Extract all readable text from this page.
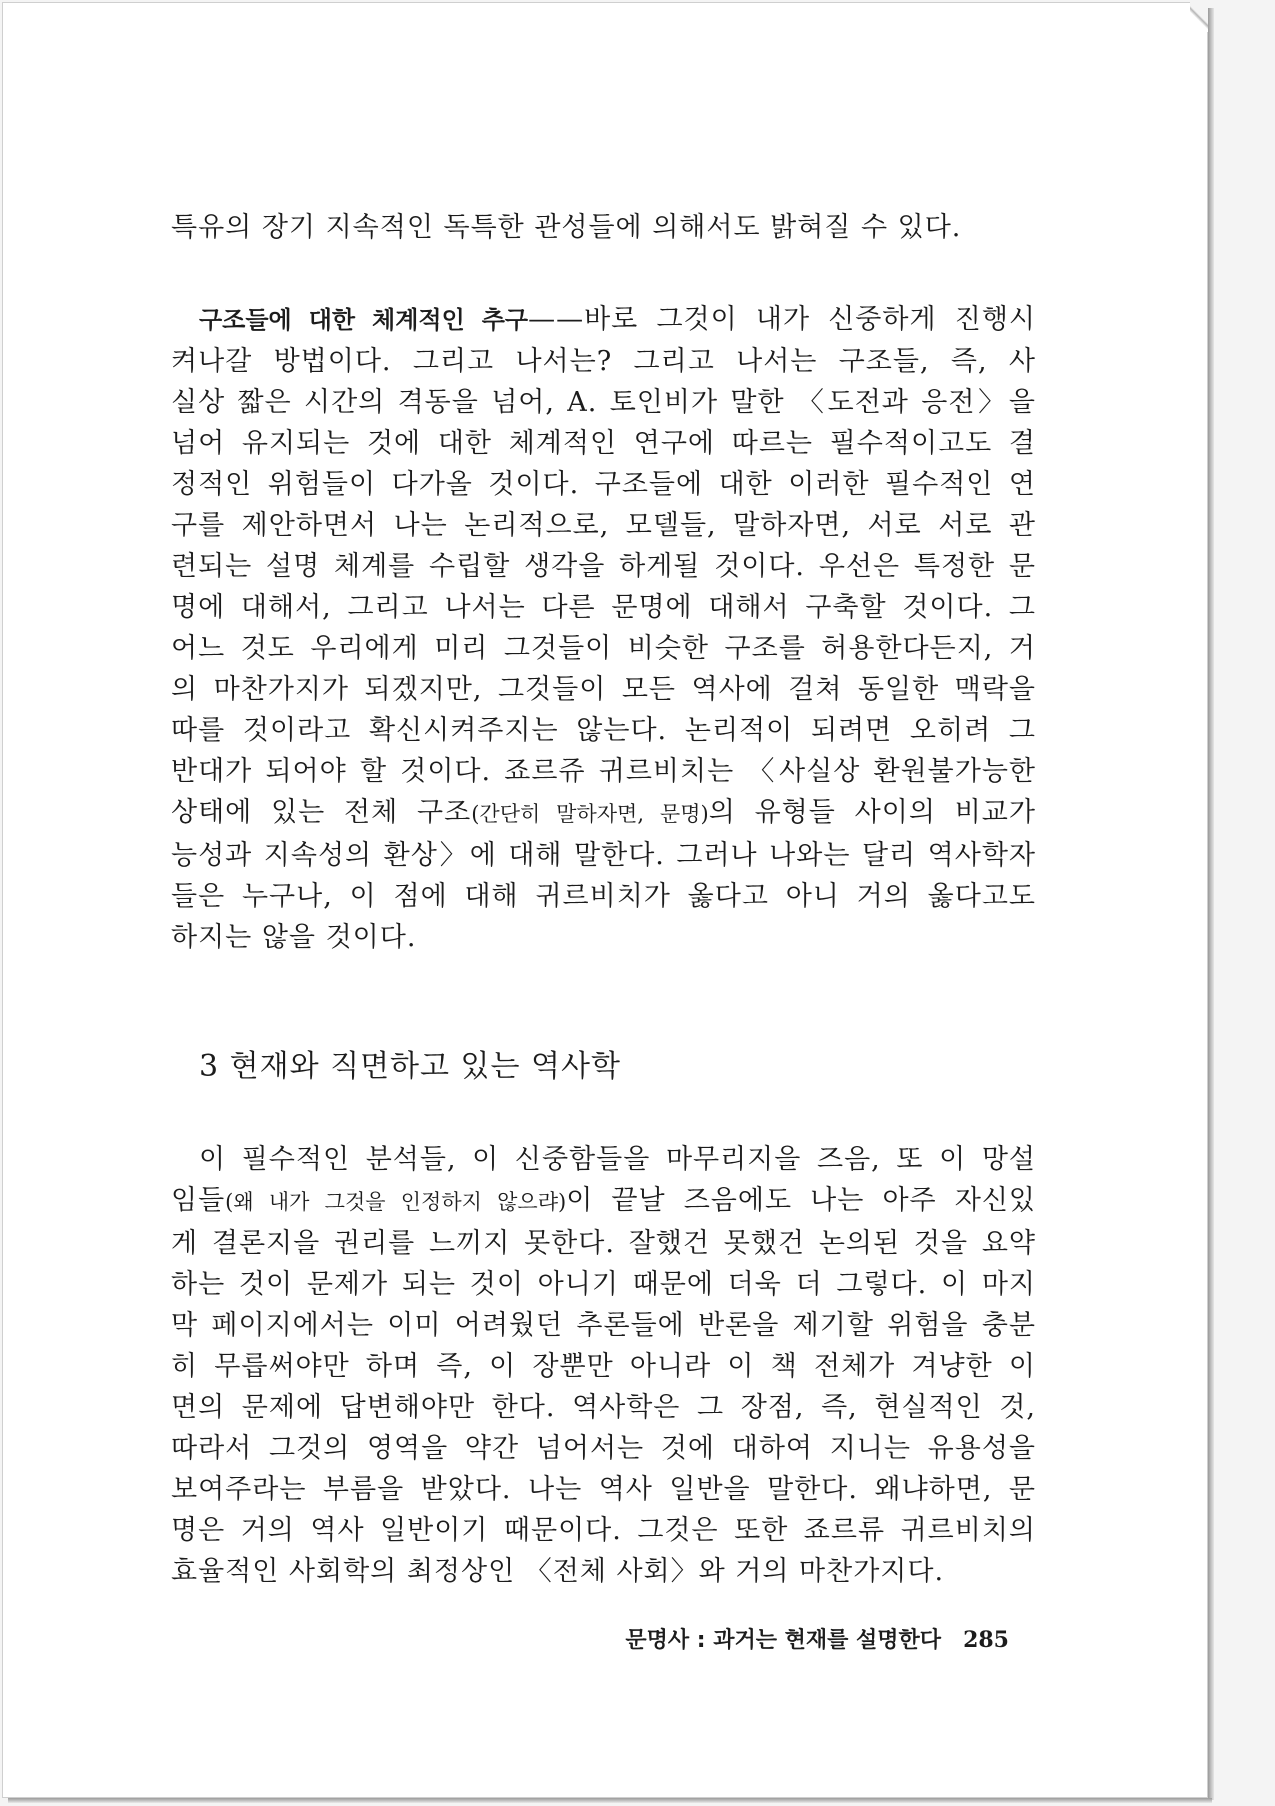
특유의 장기 지속적인 독특한 관성들에 의해서도 밝혀질 수 있다.
구조들에 대한 체계적인 추구——바로 그것이 내가 신중하게 진행시
켜나갈 방법이다. 그리고 나서는? 그리고 나서는 구조들, 즉, 사
실상 짧은 시간의 격동을 넘어, A. 토인비가 말한 〈도전과 응전〉을
넘어 유지되는 것에 대한 체계적인 연구에 따르는 필수적이고도 결
정적인 위험들이 다가올 것이다. 구조들에 대한 이러한 필수적인 연
구를 제안하면서 나는 논리적으로, 모델들, 말하자면, 서로 서로 관
련되는 설명 체계를 수립할 생각을 하게될 것이다. 우선은 특정한 문
명에 대해서, 그리고 나서는 다른 문명에 대해서 구축할 것이다. 그
어느 것도 우리에게 미리 그것들이 비슷한 구조를 허용한다든지, 거
의 마찬가지가 되겠지만, 그것들이 모든 역사에 걸쳐 동일한 맥락을
따를 것이라고 확신시켜주지는 않는다. 논리적이 되려면 오히려 그
반대가 되어야 할 것이다. 죠르쥬 귀르비치는 〈사실상 환원불가능한
상태에 있는 전체 구조(간단히 말하자면, 문명)의 유형들 사이의 비교가
능성과 지속성의 환상〉에 대해 말한다. 그러나 나와는 달리 역사학자
들은 누구나, 이 점에 대해 귀르비치가 옳다고 아니 거의 옳다고도
하지는 않을 것이다.
3 현재와 직면하고 있는 역사학
이 필수적인 분석들, 이 신중함들을 마무리지을 즈음, 또 이 망설
임들(왜 내가 그것을 인정하지 않으랴)이 끝날 즈음에도 나는 아주 자신있
게 결론지을 권리를 느끼지 못한다. 잘했건 못했건 논의된 것을 요약
하는 것이 문제가 되는 것이 아니기 때문에 더욱 더 그렇다. 이 마지
막 페이지에서는 이미 어려웠던 추론들에 반론을 제기할 위험을 충분
히 무릅써야만 하며 즉, 이 장뿐만 아니라 이 책 전체가 겨냥한 이
면의 문제에 답변해야만 한다. 역사학은 그 장점, 즉, 현실적인 것,
따라서 그것의 영역을 약간 넘어서는 것에 대하여 지니는 유용성을
보여주라는 부름을 받았다. 나는 역사 일반을 말한다. 왜냐하면, 문
명은 거의 역사 일반이기 때문이다. 그것은 또한 죠르류 귀르비치의
효율적인 사회학의 최정상인 〈전체 사회〉와 거의 마찬가지다.
문명사 : 과거는 현재를 설명한다 285
